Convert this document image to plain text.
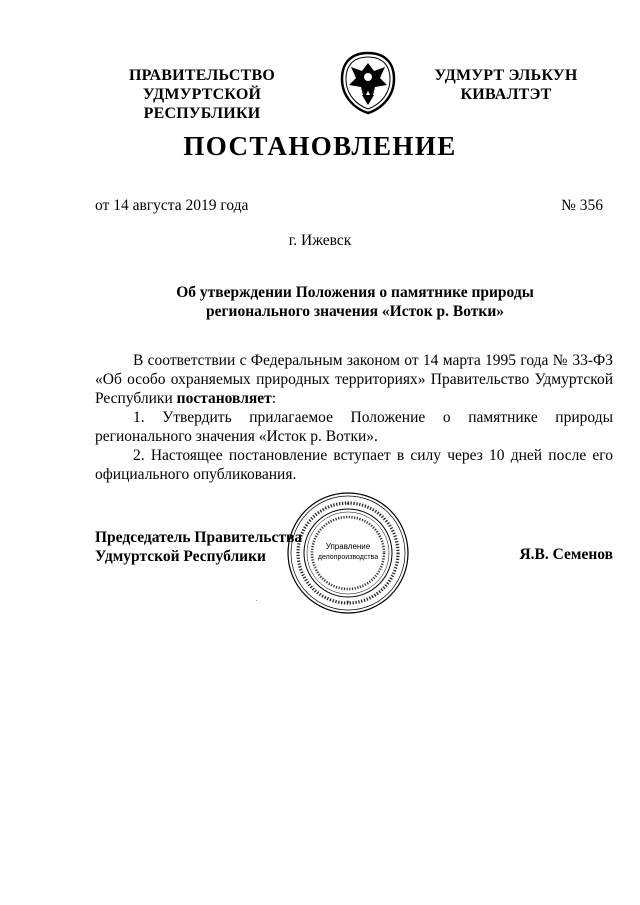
ПРАВИТЕЛЬСТВО
УДМУРТСКОЙ РЕСПУБЛИКИ
УДМУРТ ЭЛЬКУН
КИВАЛТЭТ
ПОСТАНОВЛЕНИЕ
от 14 августа 2019 года	№ 356
г. Ижевск
Об утверждении Положения о памятнике природы
регионального значения «Исток р. Вотки»

В соответствии с Федеральным законом от 14 марта 1995 года № 33-ФЗ «Об особо охраняемых природных территориях» Правительство Удмуртской Республики постановляет:

1. Утвердить прилагаемое Положение о памятнике природы регионального значения «Исток р. Вотки».

2. Настоящее постановление вступает в силу через 10 дней после его официального опубликования.

Председатель Правительства
Удмуртской Республики	Я.В. Семенов
*
*
Управление
делопроизводства
